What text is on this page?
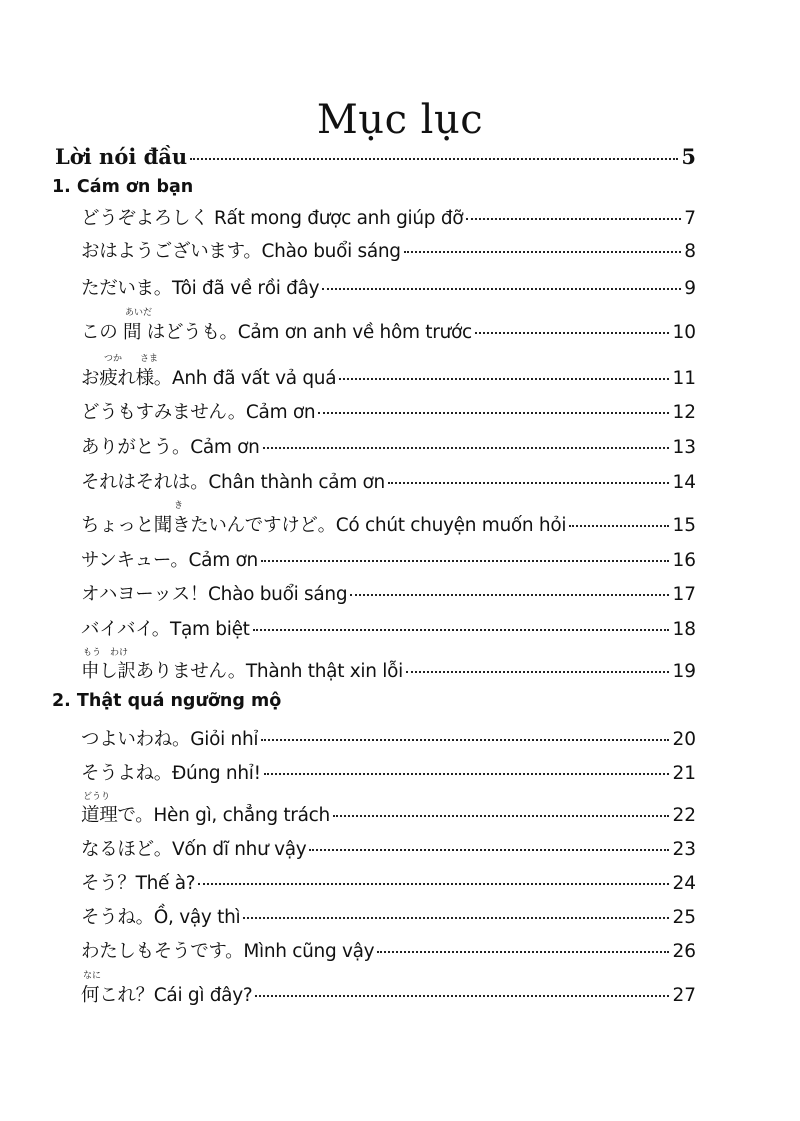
Mục lục
Lời nói đầu	5
1. Cám ơn bạn
どうぞよろしく Rất mong được anh giúp đỡ	7
おはようございます。Chào buổi sáng	8
ただいま。Tôi đã về rồi đây	9
あいだ
この 間 はどうも。Cảm ơn anh về hôm trước	10
つか　　さま
お疲れ様。Anh đã vất vả quá	11
どうもすみません。Cảm ơn	12
ありがとう。Cảm ơn	13
それはそれは。Chân thành cảm ơn	14
き
ちょっと聞きたいんですけど。Có chút chuyện muốn hỏi	15
サンキュー。Cảm ơn	16
オハヨーッス！Chào buổi sáng	17
バイバイ。Tạm biệt	18
もう　わけ
申し訳ありません。Thành thật xin lỗi	19
2. Thật quá ngưỡng mộ
つよいわね。Giỏi nhỉ	20
そうよね。Đúng nhỉ!	21
どうり
道理で。Hèn gì, chẳng trách	22
なるほど。Vốn dĩ như vậy	23
そう？Thế à?	24
そうね。Ồ, vậy thì	25
わたしもそうです。Mình cũng vậy	26
なに
何これ？Cái gì đây?	27
